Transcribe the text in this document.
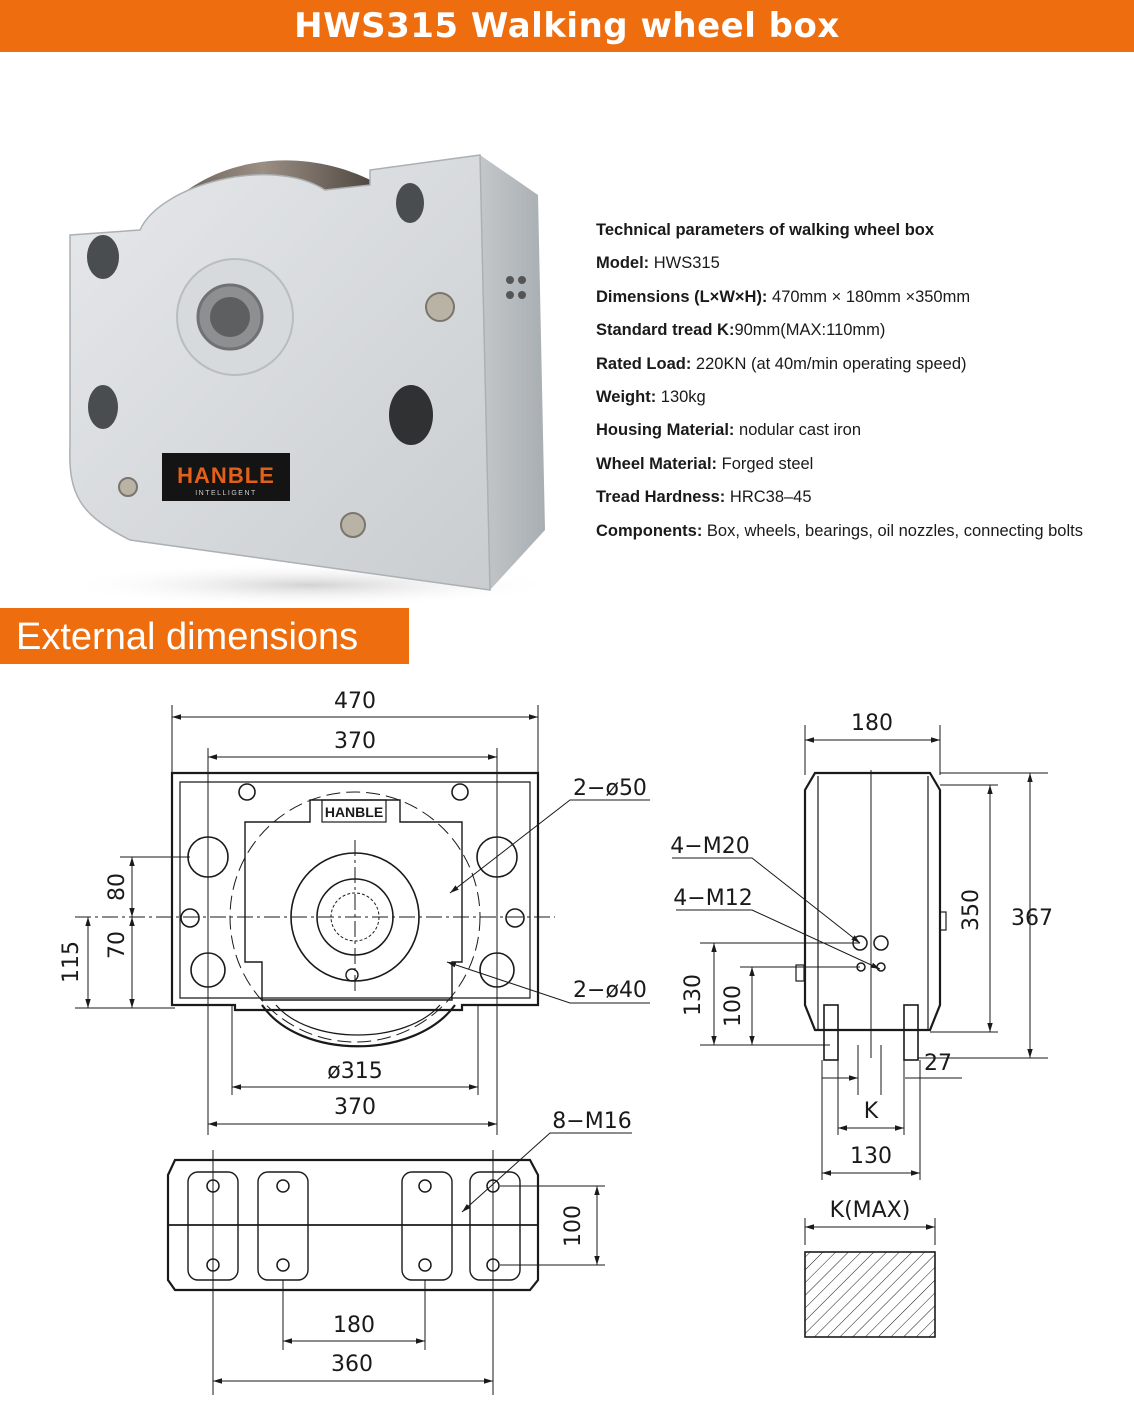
HWS315 Walking wheel box
HANBLE
INTELLIGENT
Technical parameters of walking wheel box
Model: HWS315
Dimensions (L×W×H): 470mm × 180mm ×350mm
Standard tread K:90mm(MAX:110mm)
Rated Load: 220KN (at 40m/min operating speed)
Weight: 130kg
Housing Material: nodular cast iron
Wheel Material: Forged steel
Tread Hardness: HRC38–45
Components: Box, wheels, bearings, oil nozzles, connecting bolts
External dimensions
HANBLE
470
370
ø315
370
80
70
115
2−ø50
2−ø40
100
180
360
8−M16
180
350 367
130 100
27
K
130
4−M20
4−M12
K(MAX)
